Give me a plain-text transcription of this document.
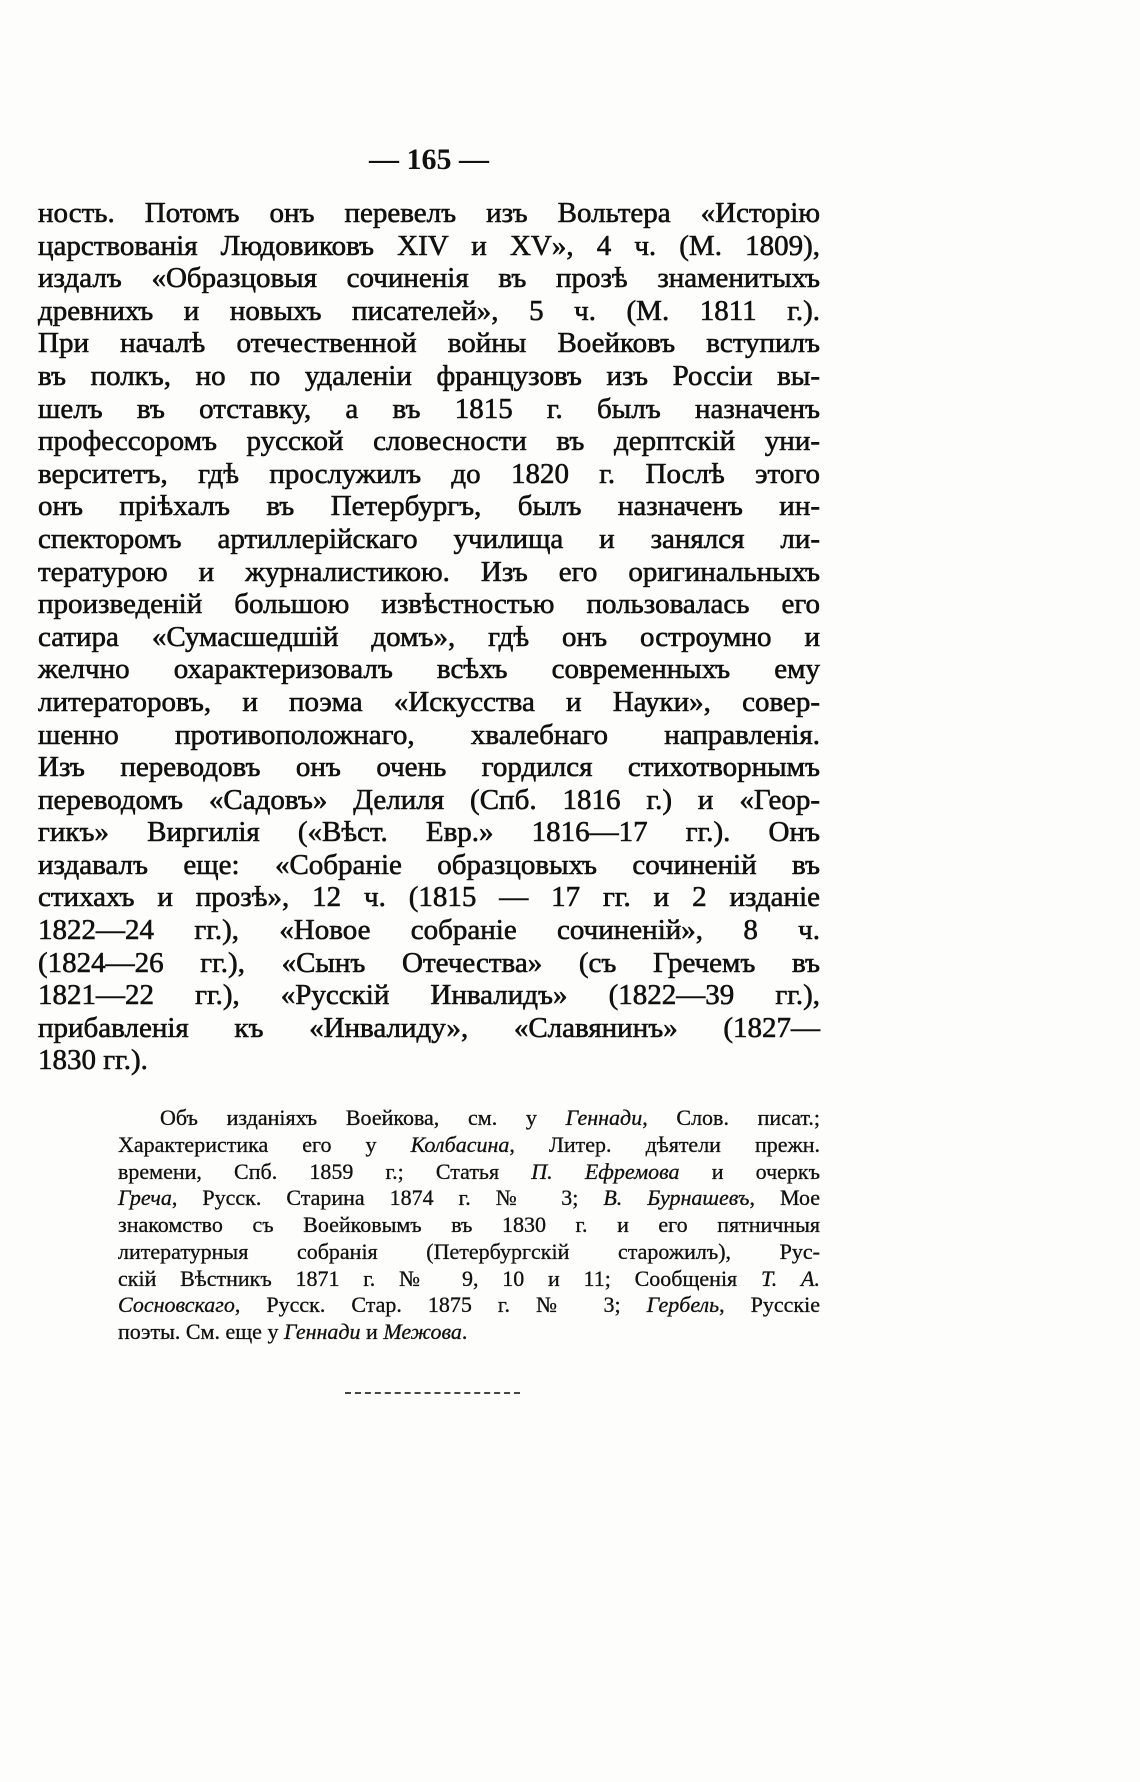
— 165 —
ность. Потомъ онъ перевелъ изъ Вольтера «Исторію
царствованія Людовиковъ XIV и XV», 4 ч. (М. 1809),
издалъ «Образцовыя сочиненія въ прозѣ знаменитыхъ
древнихъ и новыхъ писателей», 5 ч. (М. 1811 г.).
При началѣ отечественной войны Воейковъ вступилъ
въ полкъ, но по удаленіи французовъ изъ Россіи вы-
шелъ въ отставку, а въ 1815 г. былъ назначенъ
профессоромъ русской словесности въ дерптскій уни-
верситетъ, гдѣ прослужилъ до 1820 г. Послѣ этого
онъ пріѣхалъ въ Петербургъ, былъ назначенъ ин-
спекторомъ артиллерійскаго училища и занялся ли-
тературою и журналистикою. Изъ его оригинальныхъ
произведеній большою извѣстностью пользовалась его
сатира «Сумасшедшій домъ», гдѣ онъ остроумно и
желчно охарактеризовалъ всѣхъ современныхъ ему
литераторовъ, и поэма «Искусства и Науки», совер-
шенно противоположнаго, хвалебнаго направленія.
Изъ переводовъ онъ очень гордился стихотворнымъ
переводомъ «Садовъ» Делиля (Спб. 1816 г.) и «Геор-
гикъ» Виргилія («Вѣст. Евр.» 1816—17 гг.). Онъ
издавалъ еще: «Собраніе образцовыхъ сочиненій въ
стихахъ и прозѣ», 12 ч. (1815 — 17 гг. и 2 изданіе
1822—24 гг.), «Новое собраніе сочиненій», 8 ч.
(1824—26 гг.), «Сынъ Отечества» (съ Гречемъ въ
1821—22 гг.), «Русскій Инвалидъ» (1822—39 гг.),
прибавленія къ «Инвалиду», «Славянинъ» (1827—
1830 гг.).
Объ изданіяхъ Воейкова, см. у Геннади, Слов. писат.;
Характеристика его у Колбасина, Литер. дѣятели прежн.
времени, Спб. 1859 г.; Статья П. Ефремова и очеркъ
Греча, Русск. Старина 1874 г. № 3; В. Бурнашевъ, Мое
знакомство съ Воейковымъ въ 1830 г. и его пятничныя
литературныя собранія (Петербургскій старожилъ), Рус-
скій Вѣстникъ 1871 г. № 9, 10 и 11; Сообщенія Т. А.
Сосновскаго, Русск. Стар. 1875 г. № 3; Гербель, Русскіе
поэты. См. еще у Геннади и Межова.
